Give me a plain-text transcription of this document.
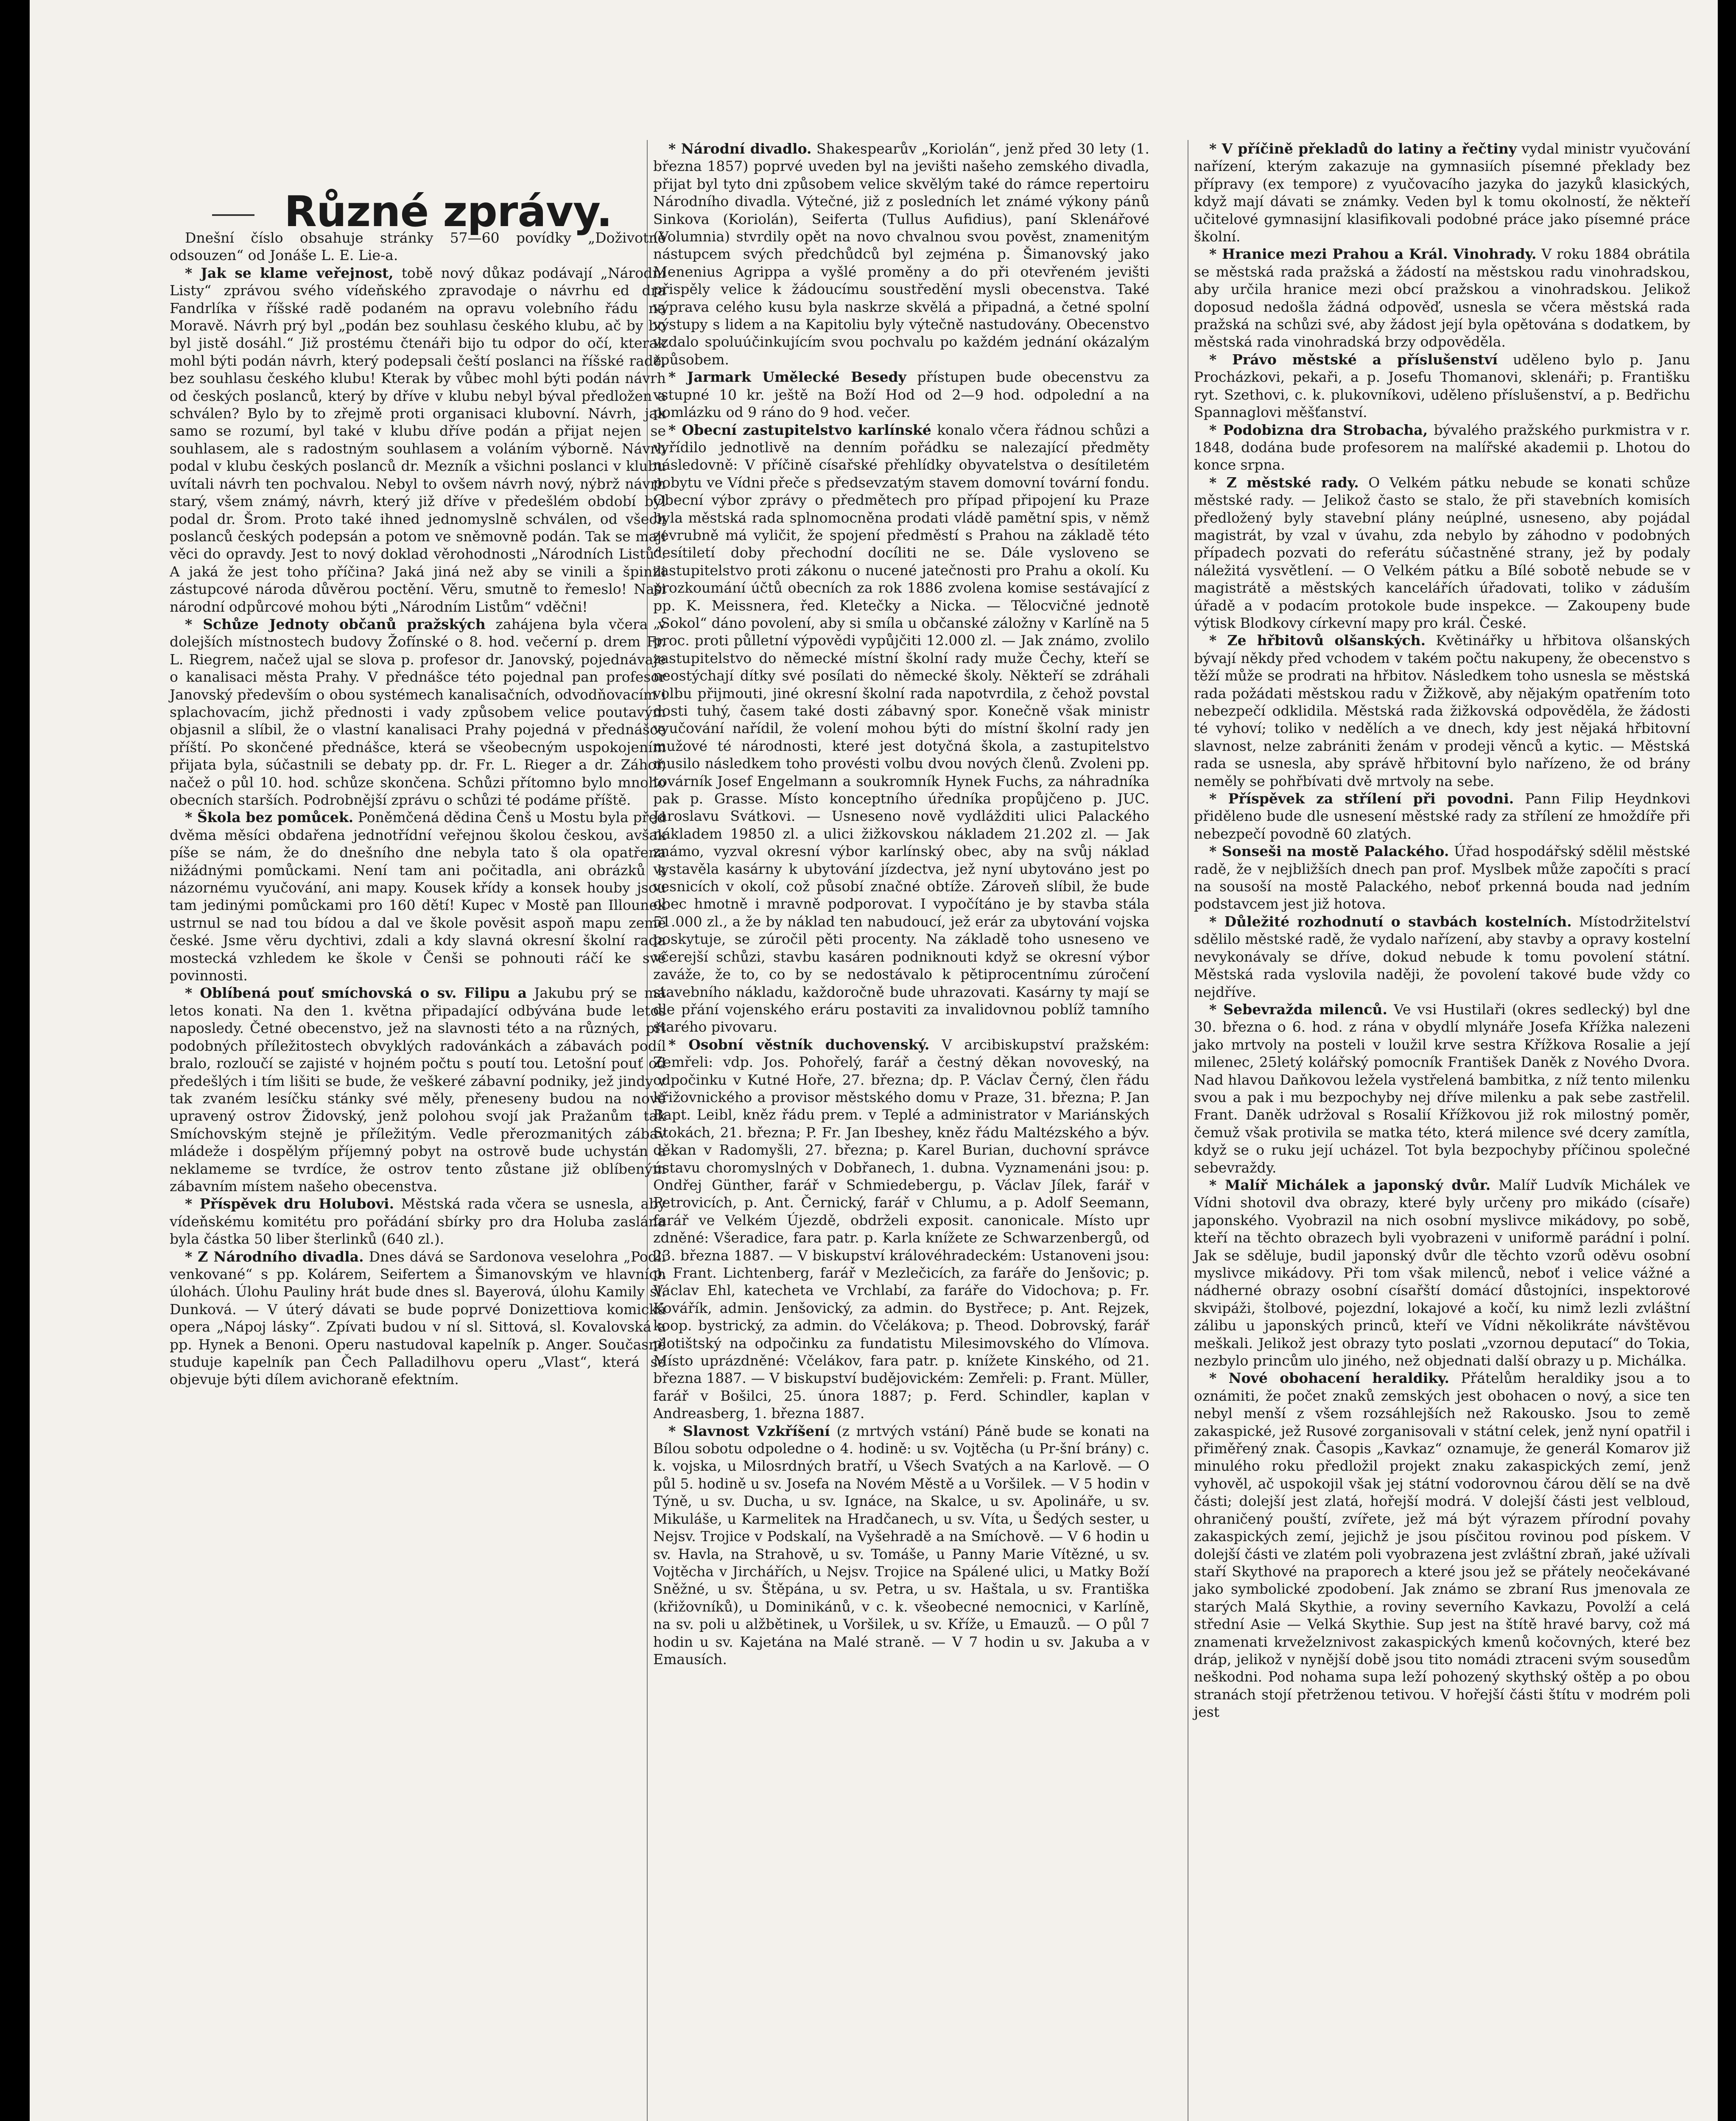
Různé zprávy.

Dnešní číslo obsahuje stránky 57—60 povídky „Doživotně odsouzen“ od Jonáše L. E. Lie-a.

* Jak se klame veřejnost, tobě nový důkaz podávají „Národní Listy“ zprávou svého vídeňského zpravodaje o návrhu ed dra Fandrlíka v říšské radě podaném na opravu volebního řádu na Moravě. Návrh prý byl „podán bez souhlasu českého klubu, ač by bo byl jistě dosáhl.“ Již prostému čtenáři bijo tu odpor do očí, kterak mohl býti podán návrh, který podepsali čeští poslanci na říšské radě, bez souhlasu českého klubu! Kterak by vůbec mohl býti podán návrh od českých poslanců, který by dříve v klubu nebyl býval předložen a schválen? Bylo by to zřejmě proti organisaci klubovní. Návrh, jak samo se rozumí, byl také v klubu dříve podán a přijat nejen se souhlasem, ale s radostným souhlasem a voláním výborně. Návrh podal v klubu českých poslanců dr. Mezník a všichni poslanci v klubu uvítali návrh ten pochvalou. Nebyl to ovšem návrh nový, nýbrž návrh starý, všem známý, návrh, který již dříve v předešlém období byl podal dr. Šrom. Proto také ihned jednomyslně schválen, od všech poslanců českých podepsán a potom ve sněmovně podán. Tak se mají věci do opravdy. Jest to nový doklad věrohodnosti „Národních Listů“. A jaká že jest toho příčina? Jaká jiná než aby se vinili a špinili zástupcové národa důvěrou poctění. Věru, smutně to řemeslo! Naši národní odpůrcové mohou býti „Národním Listům“ vděčni!

* Schůze Jednoty občanů pražských zahájena byla včera v dolejších místnostech budovy Žofínské o 8. hod. večerní p. drem Fr. L. Riegrem, načež ujal se slova p. profesor dr. Janovský, pojednávaje o kanalisaci města Prahy. V přednášce této pojednal pan profesor Janovský především o obou systémech kanalisačních, odvodňovacím i splachovacím, jichž přednosti i vady způsobem velice poutavým objasnil a slíbil, že o vlastní kanalisaci Prahy pojedná v přednášce příští. Po skončené přednášce, která se všeobecným uspokojením přijata byla, súčastnili se debaty pp. dr. Fr. L. Rieger a dr. Záhoř, načež o půl 10. hod. schůze skončena. Schůzi přítomno bylo mnoho obecních starších. Podrobnější zprávu o schůzi té podáme příště.

* Škola bez pomůcek. Poněmčená dědina Čenš u Mostu byla před dvěma měsíci obdařena jednotřídní veřejnou školou českou, avšak píše se nám, že do dnešního dne nebyla tato š ola opatřena nižádnými pomůckami. Není tam ani počitadla, ani obrázků k názornému vyučování, ani mapy. Kousek křídy a konsek houby jsou tam jedinými pomůckami pro 160 dětí! Kupec v Mostě pan Illounek ustrnul se nad tou bídou a dal ve škole pověsit aspoň mapu země české. Jsme věru dychtivi, zdali a kdy slavná okresní školní rada mostecká vzhledem ke škole v Čenši se pohnouti ráčí ke své povinnosti.

* Oblíbená pouť smíchovská o sv. Filipu a Jakubu prý se má letos konati. Na den 1. května připadající odbývána bude letos naposledy. Četné obecenstvo, jež na slavnosti této a na různých, při podobných příležitostech obvyklých radovánkách a zábavách podíl bralo, rozloučí se zajisté v hojném počtu s poutí tou. Letošní pouť od předešlých i tím lišiti se bude, že veškeré zábavní podniky, jež jindy v tak zvaném lesíčku stánky své měly, přeneseny budou na nově upravený ostrov Židovský, jenž polohou svojí jak Pražanům tak Smíchovským stejně je příležitým. Vedle přerozmanitých zábav mládeže i dospělým příjemný pobyt na ostrově bude uchystán a neklameme se tvrdíce, že ostrov tento zůstane již oblíbeným zábavním místem našeho obecenstva.

* Příspěvek dru Holubovi. Městská rada včera se usnesla, aby vídeňskému komitétu pro pořádání sbírky pro dra Holuba zaslána byla částka 50 liber šterlinků (640 zl.).

* Z Národního divadla. Dnes dává se Sardonova veselohra „Podlí venkované“ s pp. Kolárem, Seifertem a Šimanovským ve hlavních úlohách. Úlohu Pauliny hrát bude dnes sl. Bayerová, úlohu Kamily sl. Dunková. — V úterý dávati se bude poprvé Donizettiova komická opera „Nápoj lásky“. Zpívati budou v ní sl. Sittová, sl. Kovalovská a pp. Hynek a Benoni. Operu nastudoval kapelník p. Anger. Současně studuje kapelník pan Čech Palladilhovu operu „Vlast“, která se objevuje býti dílem avichoraně efektním.

* Národní divadlo. Shakespearův „Koriolán“, jenž před 30 lety (1. března 1857) poprvé uveden byl na jevišti našeho zemského divadla, přijat byl tyto dni způsobem velice skvělým také do rámce repertoiru Národního divadla. Výtečné, již z posledních let známé výkony pánů Sinkova (Koriolán), Seiferta (Tullus Aufidius), paní Sklenářové (Volumnia) stvrdily opět na novo chvalnou svou pověst, znamenitým nástupcem svých předchůdců byl zejména p. Šimanovský jako Menenius Agrippa a vyšlé proměny a do při otevřeném jevišti přispěly velice k žádoucímu soustředění mysli obecenstva. Také výprava celého kusu byla naskrze skvělá a připadná, a četné spolní výstupy s lidem a na Kapitoliu byly výtečně nastudovány. Obecenstvo vzdalo spoluúčinkujícím svou pochvalu po každém jednání okázalým způsobem.

* Jarmark Umělecké Besedy přístupen bude obecenstvu za vstupné 10 kr. ještě na Boží Hod od 2—9 hod. odpolední a na pomlázku od 9 ráno do 9 hod. večer.

* Obecní zastupitelstvo karlínské konalo včera řádnou schůzi a vyřídilo jednotlivě na denním pořádku se nalezající předměty následovně: V příčině císařské přehlídky obyvatelstva o desítiletém pobytu ve Vídni přeče s předsevzatým stavem domovní tovární fondu. Obecní výbor zprávy o předmětech pro případ připojení ku Praze byla městská rada splnomocněna prodati vládě pamětní spis, v němž zevrubně má vyličit, že spojení předměstí s Prahou na základě této desítiletí doby přechodní docíliti ne se. Dále vysloveno se zastupitelstvo proti zákonu o nucené jatečnosti pro Prahu a okolí. Ku prozkoumání účtů obecních za rok 1886 zvolena komise sestávající z pp. K. Meissnera, řed. Kletečky a Nicka. — Tělocvičné jednotě „Sokol“ dáno povolení, aby si smíla u občanské záložny v Karlíně na 5 proc. proti půlletní výpovědi vypůjčiti 12.000 zl. — Jak známo, zvolilo zastupitelstvo do německé místní školní rady muže Čechy, kteří se neostýchají dítky své posílati do německé školy. Někteří se zdráhali volbu přijmouti, jiné okresní školní rada napotvrdila, z čehož povstal dosti tuhý, časem také dosti zábavný spor. Konečně však ministr vyučování nařídil, že volení mohou býti do místní školní rady jen mužové té národnosti, které jest dotyčná škola, a zastupitelstvo musilo následkem toho provésti volbu dvou nových členů. Zvoleni pp. továrník Josef Engelmann a soukromník Hynek Fuchs, za náhradníka pak p. Grasse. Místo konceptního úředníka propůjčeno p. JUC. Jaroslavu Svátkovi. — Usneseno nově vydlážditi ulici Palackého nákladem 19850 zl. a ulici žižkovskou nákladem 21.202 zl. — Jak známo, vyzval okresní výbor karlínský obec, aby na svůj náklad vystavěla kasárny k ubytování jízdectva, jež nyní ubytováno jest po vesnicích v okolí, což působí značné obtíže. Zároveň slíbil, že bude obec hmotně i mravně podporovat. I vypočítáno je by stavba stála 51.000 zl., a že by náklad ten nabudoucí, jež erár za ubytování vojska poskytuje, se zúročil pěti procenty. Na základě toho usneseno ve včerejší schůzi, stavbu kasáren podniknouti když se okresní výbor zaváže, že to, co by se nedostávalo k pětiprocentnímu zúročení stavebního nákladu, každoročně bude uhrazovati. Kasárny ty mají se dle přání vojenského eráru postaviti za invalidovnou poblíž tamního starého pivovaru.

* Osobní věstník duchovenský. V arcibiskupství pražském: Zemřeli: vdp. Jos. Pohořelý, farář a čestný děkan novoveský, na odpočinku v Kutné Hoře, 27. března; dp. P. Václav Černý, člen řádu křižovnického a provisor městského domu v Praze, 31. března; P. Jan Bapt. Leibl, kněz řádu prem. v Teplé a administrator v Mariánských Stokách, 21. března; P. Fr. Jan Ibeshey, kněz řádu Maltézského a býv. děkan v Radomyšli, 27. března; p. Karel Burian, duchovní správce ústavu choromyslných v Dobřanech, 1. dubna. Vyznamenáni jsou: p. Ondřej Günther, farář v Schmiedebergu, p. Václav Jílek, farář v Petrovicích, p. Ant. Černický, farář v Chlumu, a p. Adolf Seemann, farář ve Velkém Újezdě, obdrželi exposit. canonicale. Místo upr zdněné: Všeradice, fara patr. p. Karla knížete ze Schwarzenbergů, od 23. března 1887. — V biskupství královéhradeckém: Ustanoveni jsou: p. Frant. Lichtenberg, farář v Mezlečicích, za faráře do Jenšovic; p. Václav Ehl, katecheta ve Vrchlabí, za faráře do Vidochova; p. Fr. Kovářík, admin. Jenšovický, za admin. do Bystřece; p. Ant. Rejzek, koop. bystrický, za admin. do Včelákova; p. Theod. Dobrovský, farář plotištský na odpočinku za fundatistu Milesimovského do Vlímova. Místo uprázdněné: Včelákov, fara patr. p. knížete Kinského, od 21. března 1887. — V biskupství budějovickém: Zemřeli: p. Frant. Müller, farář v Bošilci, 25. února 1887; p. Ferd. Schindler, kaplan v Andreasberg, 1. března 1887.

* Slavnost Vzkříšení (z mrtvých vstání) Páně bude se konati na Bílou sobotu odpoledne o 4. hodině: u sv. Vojtěcha (u Pr-šní brány) c. k. vojska, u Milosrdných bratří, u Všech Svatých a na Karlově. — O půl 5. hodině u sv. Josefa na Novém Městě a u Voršilek. — V 5 hodin v Týně, u sv. Ducha, u sv. Ignáce, na Skalce, u sv. Apolináře, u sv. Mikuláše, u Karmelitek na Hradčanech, u sv. Víta, u Šedých sester, u Nejsv. Trojice v Podskalí, na Vyšehradě a na Smíchově. — V 6 hodin u sv. Havla, na Strahově, u sv. Tomáše, u Panny Marie Vítězné, u sv. Vojtěcha v Jirchářích, u Nejsv. Trojice na Spálené ulici, u Matky Boží Sněžné, u sv. Štěpána, u sv. Petra, u sv. Haštala, u sv. Františka (křižovníků), u Dominikánů, v c. k. všeobecné nemocnici, v Karlíně, na sv. poli u alžbětinek, u Voršilek, u sv. Kříže, u Emauzů. — O půl 7 hodin u sv. Kajetána na Malé straně. — V 7 hodin u sv. Jakuba a v Emausích.

* V příčině překladů do latiny a řečtiny vydal ministr vyučování nařízení, kterým zakazuje na gymnasiích písemné překlady bez přípravy (ex tempore) z vyučovacího jazyka do jazyků klasických, když mají dávati se známky. Veden byl k tomu okolností, že někteří učitelové gymnasijní klasifikovali podobné práce jako písemné práce školní.

* Hranice mezi Prahou a Král. Vinohrady. V roku 1884 obrátila se městská rada pražská a žádostí na městskou radu vinohradskou, aby určila hranice mezi obcí pražskou a vinohradskou. Jelikož doposud nedošla žádná odpověď, usnesla se včera městská rada pražská na schůzi své, aby žádost její byla opětována s dodatkem, by městská rada vinohradská brzy odpověděla.

* Právo městské a příslušenství uděleno bylo p. Janu Procházkovi, pekaři, a p. Josefu Thomanovi, sklenáři; p. Františku ryt. Szethovi, c. k. plukovníkovi, uděleno příslušenství, a p. Bedřichu Spannaglovi měšťanství.

* Podobizna dra Strobacha, bývalého pražského purkmistra v r. 1848, dodána bude profesorem na malířské akademii p. Lhotou do konce srpna.

* Z městské rady. O Velkém pátku nebude se konati schůze městské rady. — Jelikož často se stalo, že při stavebních komisích předložený byly stavební plány neúplné, usneseno, aby pojádal magistrát, by vzal v úvahu, zda nebylo by záhodno v podobných případech pozvati do referátu súčastněné strany, jež by podaly náležitá vysvětlení. — O Velkém pátku a Bílé sobotě nebude se v magistrátě a městských kancelářích úřadovati, toliko v záduším úřadě a v podacím protokole bude inspekce. — Zakoupeny bude výtisk Blodkovy církevní mapy pro král. České.

* Ze hřbitovů olšanských. Květinářky u hřbitova olšanských bývají někdy před vchodem v takém počtu nakupeny, že obecenstvo s těží může se prodrati na hřbitov. Následkem toho usnesla se městská rada požádati městskou radu v Žižkově, aby nějakým opatřením toto nebezpečí odklidila. Městská rada žižkovská odpověděla, že žádosti té vyhoví; toliko v nedělích a ve dnech, kdy jest nějaká hřbitovní slavnost, nelze zabrániti ženám v prodeji věnců a kytic. — Městská rada se usnesla, aby správě hřbitovní bylo nařízeno, že od brány neměly se pohřbívati dvě mrtvoly na sebe.

* Příspěvek za střílení při povodni. Pann Filip Heydnkovi přiděleno bude dle usnesení městské rady za střílení ze hmoždíře při nebezpečí povodně 60 zlatých.

* Sonseši na mostě Palackého. Úřad hospodářský sdělil městské radě, že v nejbližších dnech pan prof. Myslbek může započíti s prací na sousoší na mostě Palackého, neboť prkenná bouda nad jedním podstavcem jest již hotova.

* Důležité rozhodnutí o stavbách kostelních. Místodržitelství sdělilo městské radě, že vydalo nařízení, aby stavby a opravy kostelní nevykonávaly se dříve, dokud nebude k tomu povolení státní. Městská rada vyslovila naději, že povolení takové bude vždy co nejdříve.

* Sebevražda milenců. Ve vsi Hustilaři (okres sedlecký) byl dne 30. března o 6. hod. z rána v obydlí mlynáře Josefa Křížka nalezeni jako mrtvoly na posteli v loužil krve sestra Křížkova Rosalie a její milenec, 25letý kolářský pomocník František Daněk z Nového Dvora. Nad hlavou Daňkovou ležela vystřelená bambitka, z níž tento milenku svou a pak i mu bezpochyby nej dříve milenku a pak sebe zastřelil. Frant. Daněk udržoval s Rosalií Křížkovou již rok milostný poměr, čemuž však protivila se matka této, která milence své dcery zamítla, když se o ruku její ucházel. Tot byla bezpochyby příčinou společné sebevraždy.

* Malíř Michálek a japonský dvůr. Malíř Ludvík Michálek ve Vídni shotovil dva obrazy, které byly určeny pro mikádo (císaře) japonského. Vyobrazil na nich osobní myslivce mikádovy, po sobě, kteří na těchto obrazech byli vyobrazeni v uniformě parádní i polní. Jak se sděluje, budil japonský dvůr dle těchto vzorů oděvu osobní myslivce mikádovy. Při tom však milenců, neboť i velice vážné a nádherné obrazy osobní císařští domácí důstojníci, inspektorové skvipáži, štolbové, pojezdní, lokajové a kočí, ku nimž lezli zvláštní zálibu u japonských princů, kteří ve Vídni několikráte návštěvou meškali. Jelikož jest obrazy tyto poslati „vzornou deputací“ do Tokia, nezbylo princům ulo jiného, než objednati další obrazy u p. Michálka.

* Nové obohacení heraldiky. Přátelům heraldiky jsou a to oznámiti, že počet znaků zemských jest obohacen o nový, a sice ten nebyl menší z všem rozsáhlejších než Rakousko. Jsou to země zakaspické, jež Rusové zorganisovali v státní celek, jenž nyní opatřil i přiměřený znak. Časopis „Kavkaz“ oznamuje, že generál Komarov již minulého roku předložil projekt znaku zakaspických zemí, jenž vyhověl, ač uspokojil však jej státní vodorovnou čárou dělí se na dvě části; dolejší jest zlatá, hořejší modrá. V dolejší části jest velbloud, ohraničený pouští, zvířete, jež má být výrazem přírodní povahy zakaspických zemí, jejichž je jsou písčitou rovinou pod pískem. V dolejší části ve zlatém poli vyobrazena jest zvláštní zbraň, jaké užívali staří Skythové na praporech a které jsou jež se přátely neočekávané jako symbolické zpodobení. Jak známo se zbraní Rus jmenovala ze starých Malá Skythie, a roviny severního Kavkazu, Povolží a celá střední Asie — Velká Skythie. Sup jest na štítě hravé barvy, což má znamenati krveželznivost zakaspických kmenů kočovných, které bez dráp, jelikož v nynější době jsou tito nomádi ztraceni svým sousedům neškodni. Pod nohama supa leží pohozený skythský oštěp a po obou stranách stojí přetrženou tetivou. V hořejší části štítu v modrém poli jest
